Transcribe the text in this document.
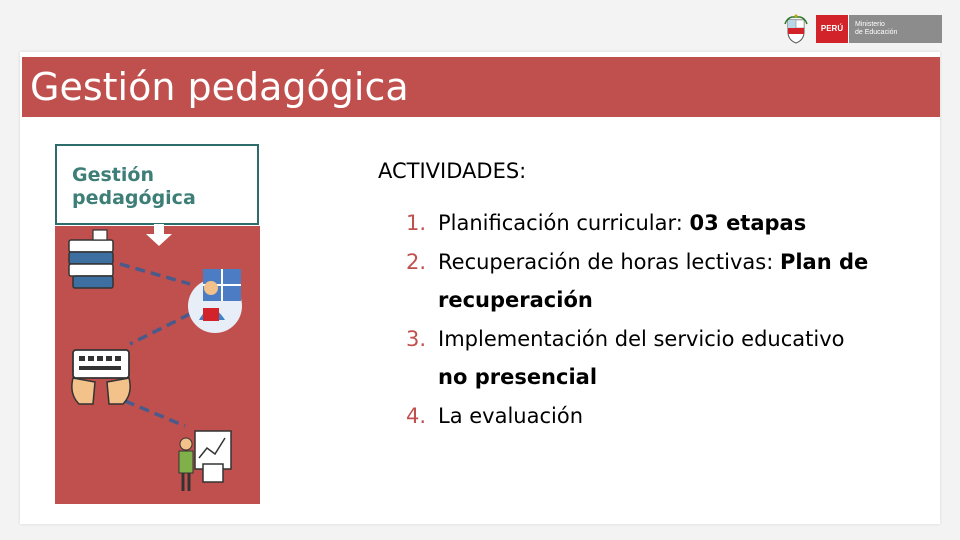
PERÚ	Ministerio
de Educación
Gestión pedagógica
Gestión pedagógica
ACTIVIDADES:
1. Planificación curricular: 03 etapas
2. Recuperación de horas lectivas: Plan de recuperación
3. Implementación del servicio educativo no presencial
4. La evaluación
